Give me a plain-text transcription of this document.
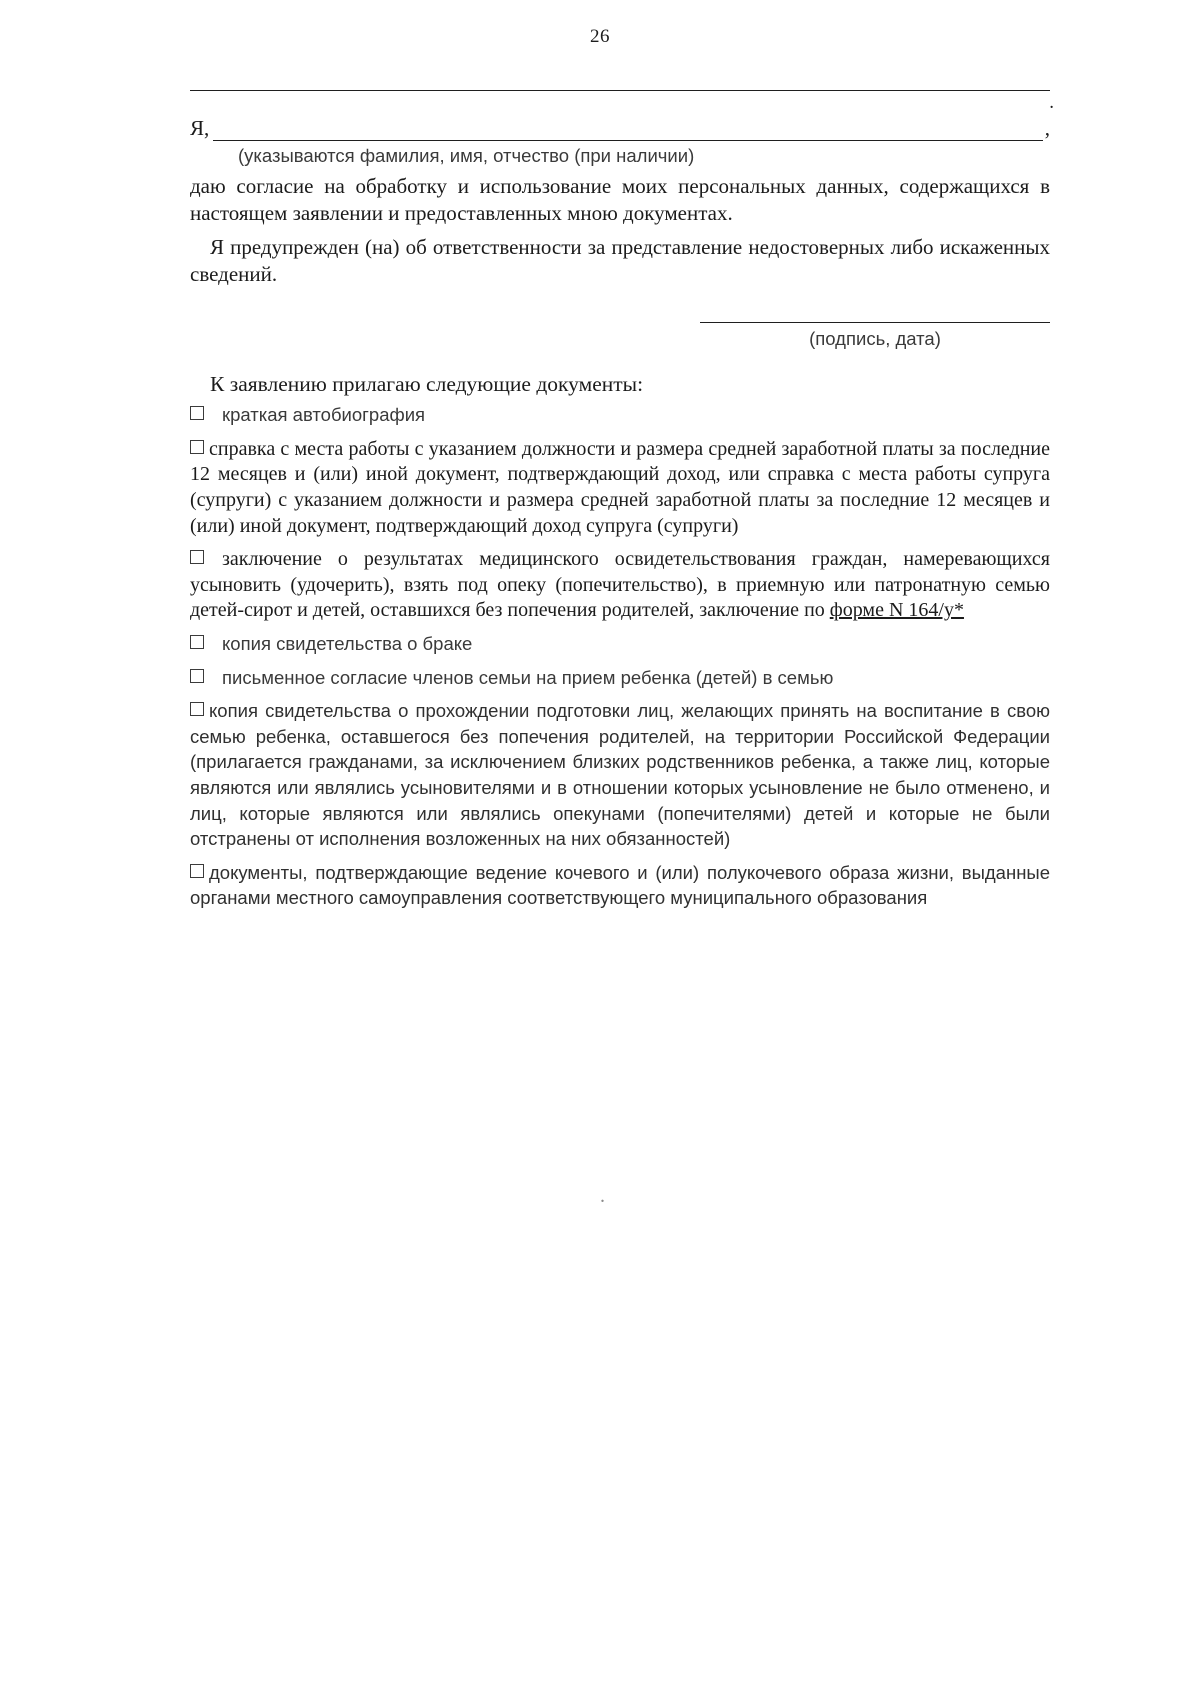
26
.
Я,	,
(указываются фамилия, имя, отчество (при наличии)
даю согласие на обработку и использование моих персональных данных, содержащихся в настоящем заявлении и предоставленных мною документах.
Я предупрежден (на) об ответственности за представление недостоверных либо искаженных сведений.
(подпись, дата)
К заявлению прилагаю следующие документы:
краткая автобиография
справка с места работы с указанием должности и размера средней заработной платы за последние 12 месяцев и (или) иной документ, подтверждающий доход, или справка с места работы супруга (супруги) с указанием должности и размера средней заработной платы за последние 12 месяцев и (или) иной документ, подтверждающий доход супруга (супруги)
заключение о результатах медицинского освидетельствования граждан, намеревающихся усыновить (удочерить), взять под опеку (попечительство), в приемную или патронатную семью детей-сирот и детей, оставшихся без попечения родителей, заключение по форме N 164/у*
копия свидетельства о браке
письменное согласие членов семьи на прием ребенка (детей) в семью
копия свидетельства о прохождении подготовки лиц, желающих принять на воспитание в свою семью ребенка, оставшегося без попечения родителей, на территории Российской Федерации (прилагается гражданами, за исключением близких родственников ребенка, а также лиц, которые являются или являлись усыновителями и в отношении которых усыновление не было отменено, и лиц, которые являются или являлись опекунами (попечителями) детей и которые не были отстранены от исполнения возложенных на них обязанностей)
документы, подтверждающие ведение кочевого и (или) полукочевого образа жизни, выданные органами местного самоуправления соответствующего муниципального образования
.
